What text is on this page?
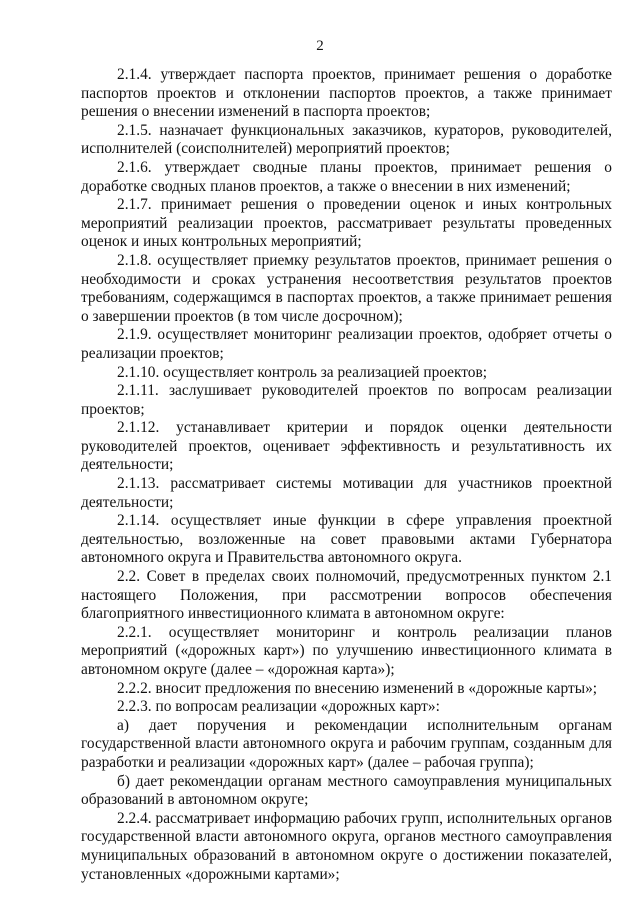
2

2.1.4. утверждает паспорта проектов, принимает решения о доработке паспортов проектов и отклонении паспортов проектов, а также принимает решения о внесении изменений в паспорта проектов;

2.1.5. назначает функциональных заказчиков, кураторов, руководителей, исполнителей (соисполнителей) мероприятий проектов;

2.1.6. утверждает сводные планы проектов, принимает решения о доработке сводных планов проектов, а также о внесении в них изменений;

2.1.7. принимает решения о проведении оценок и иных контрольных мероприятий реализации проектов, рассматривает результаты проведенных оценок и иных контрольных мероприятий;

2.1.8. осуществляет приемку результатов проектов, принимает решения о необходимости и сроках устранения несоответствия результатов проектов требованиям, содержащимся в паспортах проектов, а также принимает решения о завершении проектов (в том числе досрочном);

2.1.9. осуществляет мониторинг реализации проектов, одобряет отчеты о реализации проектов;

2.1.10. осуществляет контроль за реализацией проектов;

2.1.11. заслушивает руководителей проектов по вопросам реализации проектов;

2.1.12. устанавливает критерии и порядок оценки деятельности руководителей проектов, оценивает эффективность и результативность их деятельности;

2.1.13. рассматривает системы мотивации для участников проектной деятельности;

2.1.14. осуществляет иные функции в сфере управления проектной деятельностью, возложенные на совет правовыми актами Губернатора автономного округа и Правительства автономного округа.

2.2. Совет в пределах своих полномочий, предусмотренных пунктом 2.1 настоящего Положения, при рассмотрении вопросов обеспечения благоприятного инвестиционного климата в автономном округе:

2.2.1. осуществляет мониторинг и контроль реализации планов мероприятий («дорожных карт») по улучшению инвестиционного климата в автономном округе (далее – «дорожная карта»);

2.2.2. вносит предложения по внесению изменений в «дорожные карты»;

2.2.3. по вопросам реализации «дорожных карт»:

а) дает поручения и рекомендации исполнительным органам государственной власти автономного округа и рабочим группам, созданным для разработки и реализации «дорожных карт» (далее – рабочая группа);

б) дает рекомендации органам местного самоуправления муниципальных образований в автономном округе;

2.2.4. рассматривает информацию рабочих групп, исполнительных органов государственной власти автономного округа, органов местного самоуправления муниципальных образований в автономном округе о достижении показателей, установленных «дорожными картами»;
